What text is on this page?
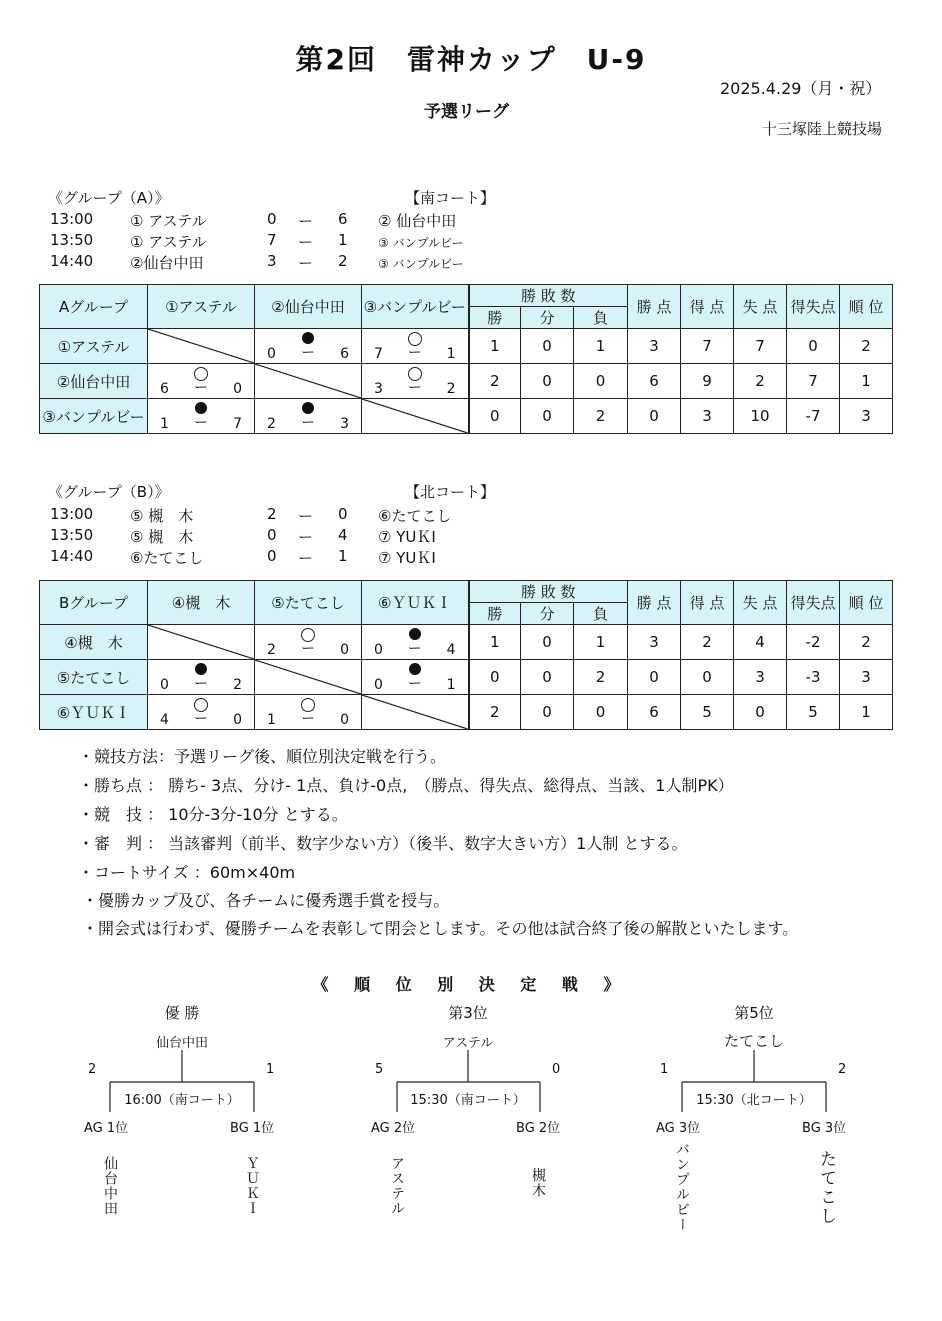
第2回　雷神カップ　U-9
2025.4.29（月・祝）
予選リーグ
十三塚陸上競技場
《グループ（A）》	【南コート】
13:00 ① アステル	0 ー 6 ② 仙台中田
13:50 ① アステル	7 ー 1	③ バンプルビー
14:40 ②仙台中田	3 ー 2	③ バンプルビー
Aグループ	①アステル	②仙台中田	③バンプルビー	勝 敗 数			勝 点	得 点	失 点	得失点	順 位
				勝	分	負					
①アステル		0 ー 6	7 ー 1	1	0	1	3	7	7	0	2
②仙台中田	6 ー 0		3 ー 2	2	0	0	6	9	2	7	1
③バンプルビー	1 ー 7	2 ー 3		0	0	2	0	3	10	-7	3
《グループ（B）》	【北コート】
13:00 ⑤ 槻　木	2 ー 0 ⑥たてこし
13:50 ⑤ 槻　木	0 ー 4 ⑦ YUＫI
14:40 ⑥たてこし	0 ー 1 ⑦ YUＫI
Bグループ	④槻　木	⑤たてこし	⑥ＹＵＫＩ	勝 敗 数			勝 点	得 点	失 点	得失点	順 位
				勝	分	負					
④槻　木		2 ー 0	0 ー 4	1	0	1	3	2	4	-2	2
⑤たてこし	0 ー 2		0 ー 1	0	0	2	0	0	3	-3	3
⑥ＹＵＫＩ	4 ー 0	1 ー 0		2	0	0	6	5	0	5	1
・競技方法：予選リーグ後、順位別決定戦を行う。
・勝ち点 ： 勝ち- 3点、分け- 1点、負け-0点,　（勝点、得失点、総得点、当該、1人制PK）
・競　技 ： 10分-3分-10分 とする。
・審　判 ： 当該審判（前半、数字少ない方）（後半、数字大きい方）1人制 とする。
・コートサイズ ：60m×40m
・優勝カップ及び、各チームに優秀選手賞を授与。
・開会式は行わず、優勝チームを表彰して閉会とします。その他は試合終了後の解散といたします。
《 順 位 別 決 定 戦 》
優 勝
仙台中田
2	1
16:00（南コート）
AG 1位	BG 1位
仙台中田	ＹＵＫＩ
第3位
アステル
5	0
15:30（南コート）
AG 2位	BG 2位
アステル	槻木
第5位
たてこし
1	2
15:30（北コート）
AG 3位	BG 3位
バンプルビー	たてこし
